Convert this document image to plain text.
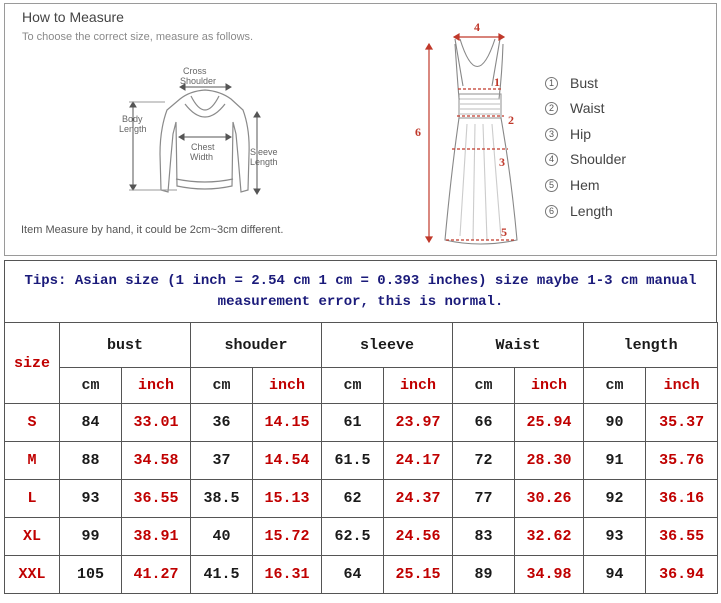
How to Measure
To choose the correct size, measure as follows.
Cross
Shoulder
Body
Length
Chest
Width	Sleeve
Length
4
6
1
2
3
5
1 Bust
2 Waist
3 Hip
4 Shoulder
5 Hem
6 Length
Item Measure by hand, it could be 2cm~3cm different.
Tips: Asian size (1 inch = 2.54 cm 1 cm = 0.393 inches) size maybe 1-3 cm manual measurement error, this is normal.
size	bust		shouder		sleeve		Waist		length	
	cm	inch	cm	inch	cm	inch	cm	inch	cm	inch
S	84	33.01	36	14.15	61	23.97	66	25.94	90	35.37
M	88	34.58	37	14.54	61.5	24.17	72	28.30	91	35.76
L	93	36.55	38.5	15.13	62	24.37	77	30.26	92	36.16
XL	99	38.91	40	15.72	62.5	24.56	83	32.62	93	36.55
XXL	105	41.27	41.5	16.31	64	25.15	89	34.98	94	36.94
